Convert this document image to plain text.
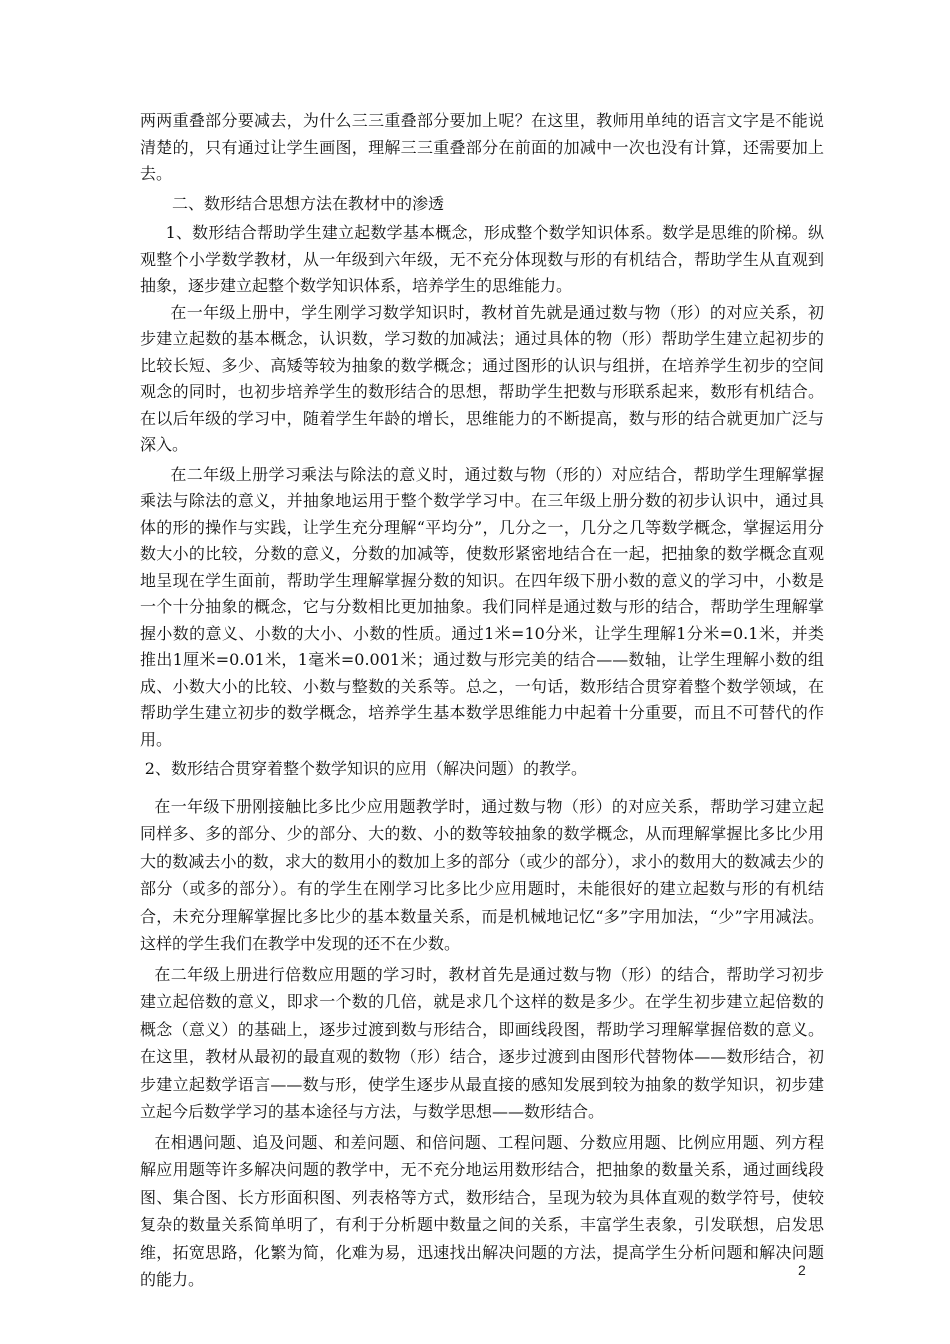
两两重叠部分要减去，为什么三三重叠部分要加上呢？在这里，教师用单纯的语言文字是不能说清楚的，只有通过让学生画图，理解三三重叠部分在前面的加减中一次也没有计算，还需要加上去。

二、数形结合思想方法在教材中的渗透

1、数形结合帮助学生建立起数学基本概念，形成整个数学知识体系。数学是思维的阶梯。纵观整个小学数学教材，从一年级到六年级，无不充分体现数与形的有机结合，帮助学生从直观到抽象，逐步建立起整个数学知识体系，培养学生的思维能力。

在一年级上册中，学生刚学习数学知识时，教材首先就是通过数与物（形）的对应关系，初步建立起数的基本概念，认识数，学习数的加减法；通过具体的物（形）帮助学生建立起初步的比较长短、多少、高矮等较为抽象的数学概念；通过图形的认识与组拼，在培养学生初步的空间观念的同时，也初步培养学生的数形结合的思想，帮助学生把数与形联系起来，数形有机结合。在以后年级的学习中，随着学生年龄的增长，思维能力的不断提高，数与形的结合就更加广泛与深入。

在二年级上册学习乘法与除法的意义时，通过数与物（形的）对应结合，帮助学生理解掌握乘法与除法的意义，并抽象地运用于整个数学学习中。在三年级上册分数的初步认识中，通过具体的形的操作与实践，让学生充分理解“平均分”，几分之一，几分之几等数学概念，掌握运用分数大小的比较，分数的意义，分数的加减等，使数形紧密地结合在一起，把抽象的数学概念直观地呈现在学生面前，帮助学生理解掌握分数的知识。在四年级下册小数的意义的学习中，小数是一个十分抽象的概念，它与分数相比更加抽象。我们同样是通过数与形的结合，帮助学生理解掌握小数的意义、小数的大小、小数的性质。通过1米=10分米，让学生理解1分米=0.1米，并类推出1厘米=0.01米，1毫米=0.001米；通过数与形完美的结合——数轴，让学生理解小数的组成、小数大小的比较、小数与整数的关系等。总之，一句话，数形结合贯穿着整个数学领域，在帮助学生建立初步的数学概念，培养学生基本数学思维能力中起着十分重要，而且不可替代的作用。

2、数形结合贯穿着整个数学知识的应用（解决问题）的教学。

在一年级下册刚接触比多比少应用题教学时，通过数与物（形）的对应关系，帮助学习建立起同样多、多的部分、少的部分、大的数、小的数等较抽象的数学概念，从而理解掌握比多比少用大的数减去小的数，求大的数用小的数加上多的部分（或少的部分），求小的数用大的数减去少的部分（或多的部分）。有的学生在刚学习比多比少应用题时，未能很好的建立起数与形的有机结合，未充分理解掌握比多比少的基本数量关系，而是机械地记忆“多”字用加法，“少”字用减法。这样的学生我们在教学中发现的还不在少数。

在二年级上册进行倍数应用题的学习时，教材首先是通过数与物（形）的结合，帮助学习初步建立起倍数的意义，即求一个数的几倍，就是求几个这样的数是多少。在学生初步建立起倍数的概念（意义）的基础上，逐步过渡到数与形结合，即画线段图，帮助学习理解掌握倍数的意义。在这里，教材从最初的最直观的数物（形）结合，逐步过渡到由图形代替物体——数形结合，初步建立起数学语言——数与形，使学生逐步从最直接的感知发展到较为抽象的数学知识，初步建立起今后数学学习的基本途径与方法，与数学思想——数形结合。

在相遇问题、追及问题、和差问题、和倍问题、工程问题、分数应用题、比例应用题、列方程解应用题等许多解决问题的教学中，无不充分地运用数形结合，把抽象的数量关系，通过画线段图、集合图、长方形面积图、列表格等方式，数形结合，呈现为较为具体直观的数学符号，使较复杂的数量关系简单明了，有利于分析题中数量之间的关系，丰富学生表象，引发联想，启发思维，拓宽思路，化繁为简，化难为易，迅速找出解决问题的方法，提高学生分析问题和解决问题的能力。	2
